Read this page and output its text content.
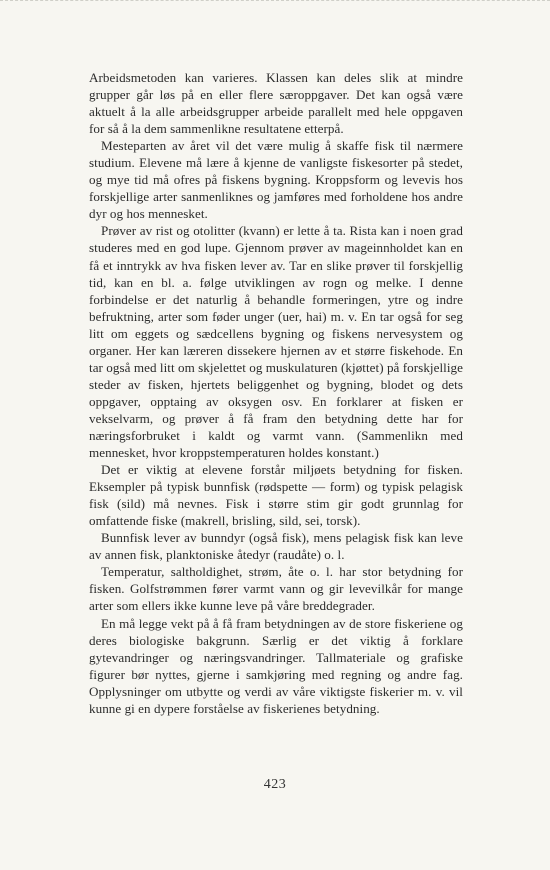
Arbeidsmetoden kan varieres. Klassen kan deles slik at mindre grupper går løs på en eller flere særoppgaver. Det kan også være aktuelt å la alle arbeidsgrupper arbeide parallelt med hele oppgaven for så å la dem sammenlikne resultatene etterpå.

Mesteparten av året vil det være mulig å skaffe fisk til nærmere studium. Elevene må lære å kjenne de vanligste fiskesorter på stedet, og mye tid må ofres på fiskens bygning. Kroppsform og levevis hos forskjellige arter sanmenliknes og jamføres med forholdene hos andre dyr og hos mennesket.

Prøver av rist og otolitter (kvann) er lette å ta. Rista kan i noen grad studeres med en god lupe. Gjennom prøver av mageinnholdet kan en få et inntrykk av hva fisken lever av. Tar en slike prøver til forskjellig tid, kan en bl. a. følge utviklingen av rogn og melke. I denne forbindelse er det naturlig å behandle formeringen, ytre og indre befruktning, arter som føder unger (uer, hai) m. v. En tar også for seg litt om eggets og sædcellens bygning og fiskens nervesystem og organer. Her kan læreren dissekere hjernen av et større fiskehode. En tar også med litt om skjelettet og muskulaturen (kjøttet) på forskjellige steder av fisken, hjertets beliggenhet og bygning, blodet og dets oppgaver, opptaing av oksygen osv. En forklarer at fisken er vekselvarm, og prøver å få fram den betydning dette har for næringsforbruket i kaldt og varmt vann. (Sammenlikn med mennesket, hvor kroppstemperaturen holdes konstant.)

Det er viktig at elevene forstår miljøets betydning for fisken. Eksempler på typisk bunnfisk (rødspette — form) og typisk pelagisk fisk (sild) må nevnes. Fisk i større stim gir godt grunnlag for omfattende fiske (makrell, brisling, sild, sei, torsk).

Bunnfisk lever av bunndyr (også fisk), mens pelagisk fisk kan leve av annen fisk, planktoniske åtedyr (raudåte) o. l.

Temperatur, saltholdighet, strøm, åte o. l. har stor betydning for fisken. Golfstrømmen fører varmt vann og gir levevilkår for mange arter som ellers ikke kunne leve på våre breddegrader.

En må legge vekt på å få fram betydningen av de store fiskeriene og deres biologiske bakgrunn. Særlig er det viktig å forklare gytevandringer og næringsvandringer. Tallmateriale og grafiske figurer bør nyttes, gjerne i samkjøring med regning og andre fag. Opplysninger om utbytte og verdi av våre viktigste fiskerier m. v. vil kunne gi en dypere forståelse av fiskerienes betydning.

423
